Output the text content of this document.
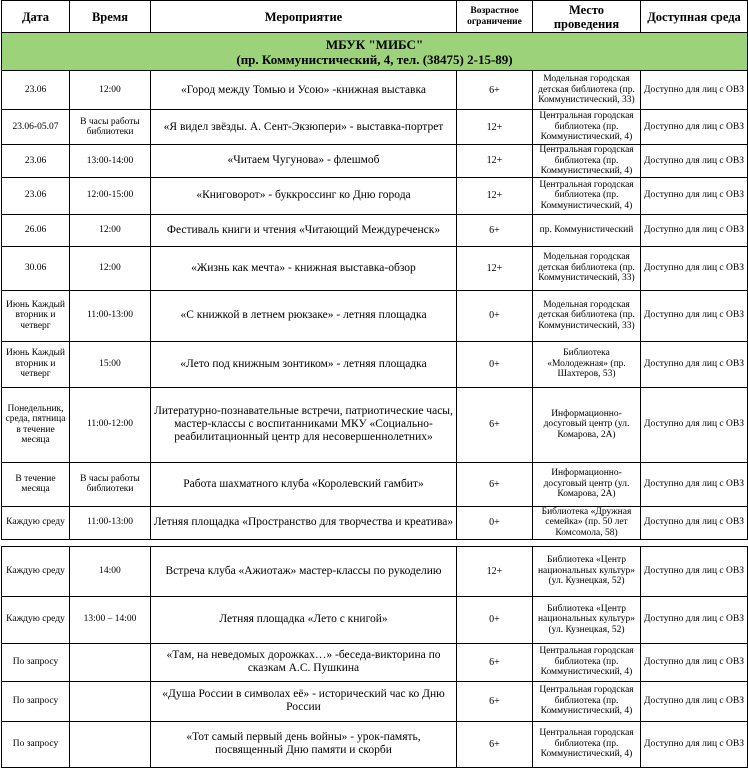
Дата	Время	Мероприятие	Возрастное ограничение	Место проведения	Доступная среда

МБУК "МИБС"
(пр. Коммунистический, 4, тел. (38475) 2-15-89)					

23.06	12:00	«Город между Томью и Усою» -книжная выставка	6+	Модельная городская детская библиотека (пр. Коммунистический, 33)	Доступно для лиц с ОВЗ
23.06-05.07	В часы работы библиотеки	«Я видел звёзды. А. Сент-Экзюпери» - выставка-портрет	12+	Центральная городская библиотека (пр. Коммунистический, 4)	Доступно для лиц с ОВЗ
23.06	13:00-14:00	«Читаем Чугунова» - флешмоб	12+	Центральная городская библиотека (пр. Коммунистический, 4)	Доступно для лиц с ОВЗ
23.06	12:00-15:00	«Книговорот» - буккроссинг ко Дню города	12+	Центральная городская библиотека (пр. Коммунистический, 4)	Доступно для лиц с ОВЗ
26.06	12:00	Фестиваль книги и чтения «Читающий Междуреченск»	6+	пр. Коммунистический	Доступно для лиц с ОВЗ
30.06	12:00	«Жизнь как мечта» - книжная выставка-обзор	12+	Модельная городская детская библиотека (пр. Коммунистический, 33)	Доступно для лиц с ОВЗ
Июнь Каждый вторник и четверг	11:00-13:00	«С книжкой в летнем рюкзаке» - летняя площадка	0+	Модельная городская детская библиотека (пр. Коммунистический, 33)	Доступно для лиц с ОВЗ
Июнь Каждый вторник и четверг	15:00	«Лето под книжным зонтиком» - летняя площадка	0+	Библиотека «Молодежная» (пр. Шахтеров, 53)	Доступно для лиц с ОВЗ
Понедельник, среда, пятница в течение месяца	11:00-12:00	Литературно-познавательные встречи, патриотические часы, мастер-классы с воспитанниками МКУ «Социально-реабилитационный центр для несовершеннолетних»	6+	Информационно-досуговый центр (ул. Комарова, 2А)	Доступно для лиц с ОВЗ
В течение месяца	В часы работы библиотеки	Работа шахматного клуба «Королевский гамбит»	6+	Информационно-досуговый центр (ул. Комарова, 2А)	Доступно для лиц с ОВЗ
Каждую среду	11:00-13:00	Летняя площадка «Пространство для творчества и креатива»	0+	Библиотека «Дружная семейка» (пр. 50 лет Комсомола, 58)	Доступно для лиц с ОВЗ

Каждую среду	14:00	Встреча клуба «Ажиотаж» мастер-классы по рукоделию	12+	Библиотека «Центр национальных культур» (ул. Кузнецкая, 52)	Доступно для лиц с ОВЗ
Каждую среду	13:00 – 14:00	Летняя площадка «Лето с книгой»	0+	Библиотека «Центр национальных культур» (ул. Кузнецкая, 52)	Доступно для лиц с ОВЗ
По запросу		«Там, на неведомых дорожках…» -беседа-викторина по сказкам А.С. Пушкина	6+	Центральная городская библиотека (пр. Коммунистический, 4)	Доступно для лиц с ОВЗ
По запросу		«Душа России в символах её» - исторический час ко Дню России	6+	Центральная городская библиотека (пр. Коммунистический, 4)	Доступно для лиц с ОВЗ
По запросу		«Тот самый первый день войны» - урок-память, посвященный Дню памяти и скорби	6+	Центральная городская библиотека (пр. Коммунистический, 4)	Доступно для лиц с ОВЗ
